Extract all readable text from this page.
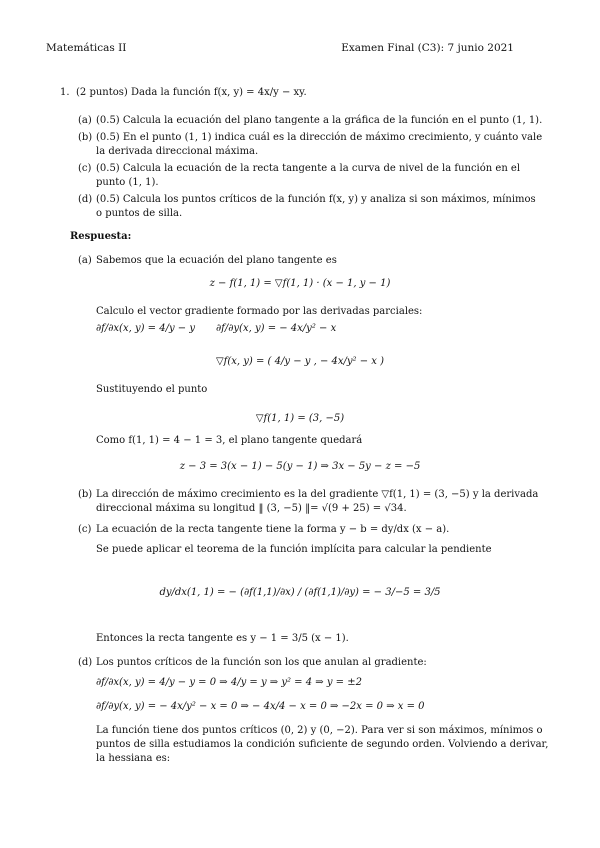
Matemáticas II	Examen Final (C3): 7 junio 2021
1. (2 puntos) Dada la función f(x, y) = 4x/y − xy.
(a) (0.5) Calcula la ecuación del plano tangente a la gráfica de la función en el punto (1, 1).
(b) (0.5) En el punto (1, 1) indica cuál es la dirección de máximo crecimiento, y cuánto vale
la derivada direccional máxima.
(c) (0.5) Calcula la ecuación de la recta tangente a la curva de nivel de la función en el
punto (1, 1).
(d) (0.5) Calcula los puntos críticos de la función f(x, y) y analiza si son máximos, mínimos
o puntos de silla.
Respuesta:
(a) Sabemos que la ecuación del plano tangente es
z − f(1, 1) = ▽f(1, 1) · (x − 1, y − 1)
Calculo el vector gradiente formado por las derivadas parciales:
∂f/∂x(x, y) = 4/y − y ∂f/∂y(x, y) = − 4x/y² − x
▽f(x, y) = ( 4/y − y , − 4x/y² − x )
Sustituyendo el punto
▽f(1, 1) = (3, −5)
Como f(1, 1) = 4 − 1 = 3, el plano tangente quedará
z − 3 = 3(x − 1) − 5(y − 1) ⇒ 3x − 5y − z = −5
(b) La dirección de máximo crecimiento es la del gradiente ▽f(1, 1) = (3, −5) y la derivada
direccional máxima su longitud ‖ (3, −5) ‖= √(9 + 25) = √34.
(c) La ecuación de la recta tangente tiene la forma y − b = dy/dx (x − a).
Se puede aplicar el teorema de la función implícita para calcular la pendiente
dy/dx(1, 1) = − (∂f(1,1)/∂x) / (∂f(1,1)/∂y) = − 3/−5 = 3/5
Entonces la recta tangente es y − 1 = 3/5 (x − 1).
(d) Los puntos críticos de la función son los que anulan al gradiente:
∂f/∂x(x, y) = 4/y − y = 0 ⇒ 4/y = y ⇒ y² = 4 ⇒ y = ±2
∂f/∂y(x, y) = − 4x/y² − x = 0 ⇒ − 4x/4 − x = 0 ⇒ −2x = 0 ⇒ x = 0
La función tiene dos puntos críticos (0, 2) y (0, −2). Para ver si son máximos, mínimos o
puntos de silla estudiamos la condición suficiente de segundo orden. Volviendo a derivar,
la hessiana es:
